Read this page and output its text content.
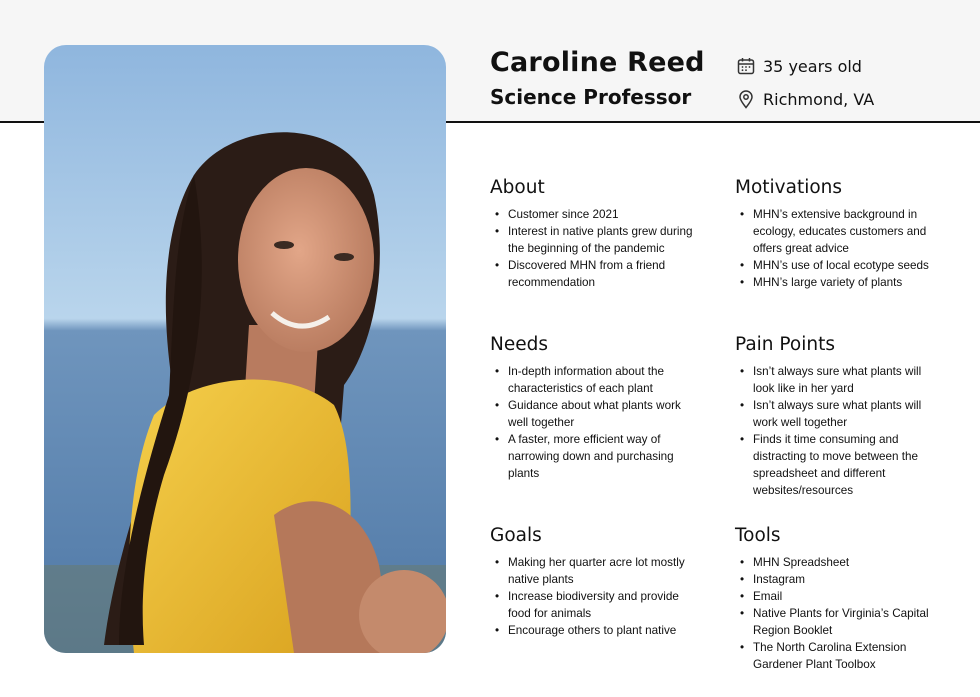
Caroline Reed
Science Professor
35 years old
Richmond, VA
About
• Customer since 2021
• Interest in native plants grew during the beginning of the pandemic
• Discovered MHN from a friend recommendation
Motivations
• MHN’s extensive background in ecology, educates customers and offers great advice
• MHN’s use of local ecotype seeds
• MHN’s large variety of plants
Needs
• In-depth information about the characteristics of each plant
• Guidance about what plants work well together
• A faster, more efficient way of narrowing down and purchasing plants
Pain Points
• Isn’t always sure what plants will look like in her yard
• Isn’t always sure what plants will work well together
• Finds it time consuming and distracting to move between the spreadsheet and different websites/resources
Goals
• Making her quarter acre lot mostly native plants
• Increase biodiversity and provide food for animals
• Encourage others to plant native
Tools
• MHN Spreadsheet
• Instagram
• Email
• Native Plants for Virginia’s Capital Region Booklet
• The North Carolina Extension Gardener Plant Toolbox
